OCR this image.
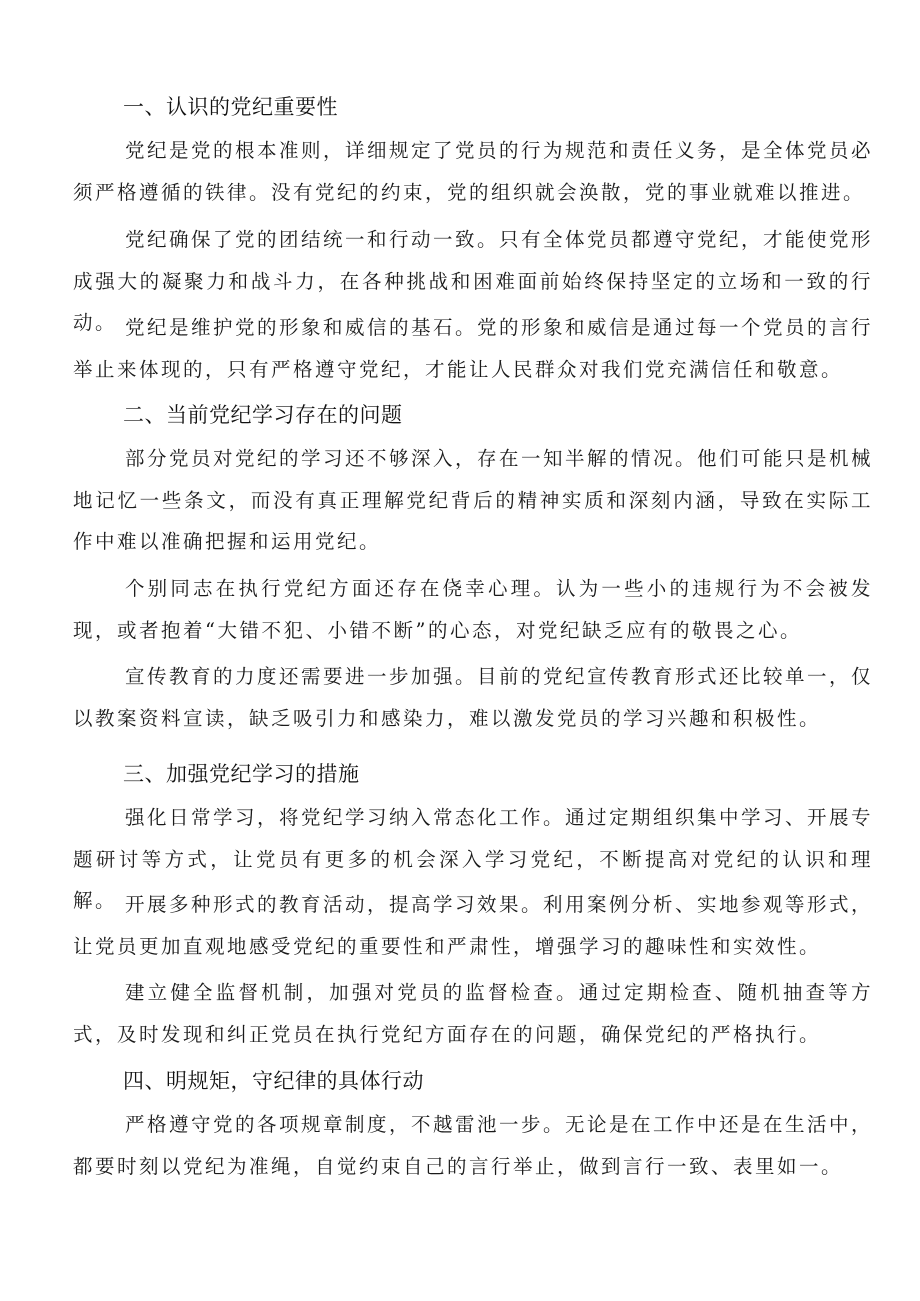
一、认识的党纪重要性

党纪是党的根本准则，详细规定了党员的行为规范和责任义务，是全体党员必须严格遵循的铁律。没有党纪的约束，党的组织就会涣散，党的事业就难以推进。

党纪确保了党的团结统一和行动一致。只有全体党员都遵守党纪，才能使党形成强大的凝聚力和战斗力，在各种挑战和困难面前始终保持坚定的立场和一致的行动。 党纪是维护党的形象和威信的基石。党的形象和威信是通过每一个党员的言行举止来体现的，只有严格遵守党纪，才能让人民群众对我们党充满信任和敬意。

二、当前党纪学习存在的问题

部分党员对党纪的学习还不够深入，存在一知半解的情况。他们可能只是机械地记忆一些条文，而没有真正理解党纪背后的精神实质和深刻内涵，导致在实际工作中难以准确把握和运用党纪。

个别同志在执行党纪方面还存在侥幸心理。认为一些小的违规行为不会被发现，或者抱着“大错不犯、小错不断”的心态，对党纪缺乏应有的敬畏之心。

宣传教育的力度还需要进一步加强。目前的党纪宣传教育形式还比较单一，仅以教案资料宣读，缺乏吸引力和感染力，难以激发党员的学习兴趣和积极性。

三、加强党纪学习的措施

强化日常学习，将党纪学习纳入常态化工作。通过定期组织集中学习、开展专题研讨等方式，让党员有更多的机会深入学习党纪，不断提高对党纪的认识和理解。 开展多种形式的教育活动，提高学习效果。利用案例分析、实地参观等形式，让党员更加直观地感受党纪的重要性和严肃性，增强学习的趣味性和实效性。

建立健全监督机制，加强对党员的监督检查。通过定期检查、随机抽查等方式，及时发现和纠正党员在执行党纪方面存在的问题，确保党纪的严格执行。

四、明规矩，守纪律的具体行动

严格遵守党的各项规章制度，不越雷池一步。无论是在工作中还是在生活中，都要时刻以党纪为准绳，自觉约束自己的言行举止，做到言行一致、表里如一。
